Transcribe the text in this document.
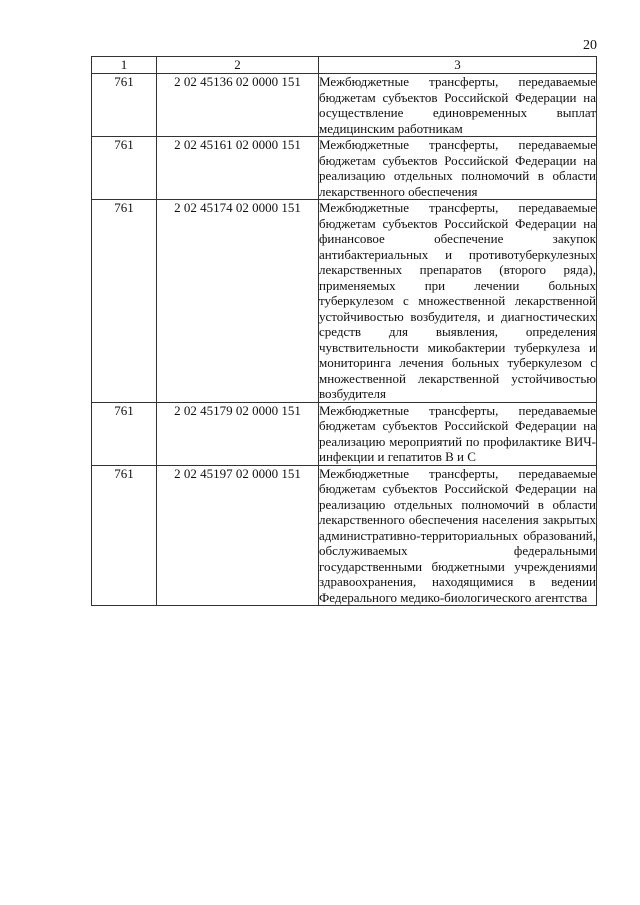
20
1	2	3
761	2 02 45136 02 0000 151	Межбюджетные трансферты, передаваемые бюджетам субъектов Российской Федерации на осуществление единовременных выплат медицинским работникам
761	2 02 45161 02 0000 151	Межбюджетные трансферты, передаваемые бюджетам субъектов Российской Федерации на реализацию отдельных полномочий в области лекарственного обеспечения
761	2 02 45174 02 0000 151	Межбюджетные трансферты, передаваемые бюджетам субъектов Российской Федерации на финансовое обеспечение закупок антибактериальных и противотуберкулезных лекарственных препаратов (второго ряда), применяемых при лечении больных туберкулезом с множественной лекарственной устойчивостью возбудителя, и диагностических средств для выявления, определения чувствительности микобактерии туберкулеза и мониторинга лечения больных туберкулезом с множественной лекарственной устойчивостью возбудителя
761	2 02 45179 02 0000 151	Межбюджетные трансферты, передаваемые бюджетам субъектов Российской Федерации на реализацию мероприятий по профилактике ВИЧ-инфекции и гепатитов В и С
761	2 02 45197 02 0000 151	Межбюджетные трансферты, передаваемые бюджетам субъектов Российской Федерации на реализацию отдельных полномочий в области лекарственного обеспечения населения закрытых административно-территориальных образований, обслуживаемых федеральными государственными бюджетными учреждениями здравоохранения, находящимися в ведении Федерального медико-биологического агентства
